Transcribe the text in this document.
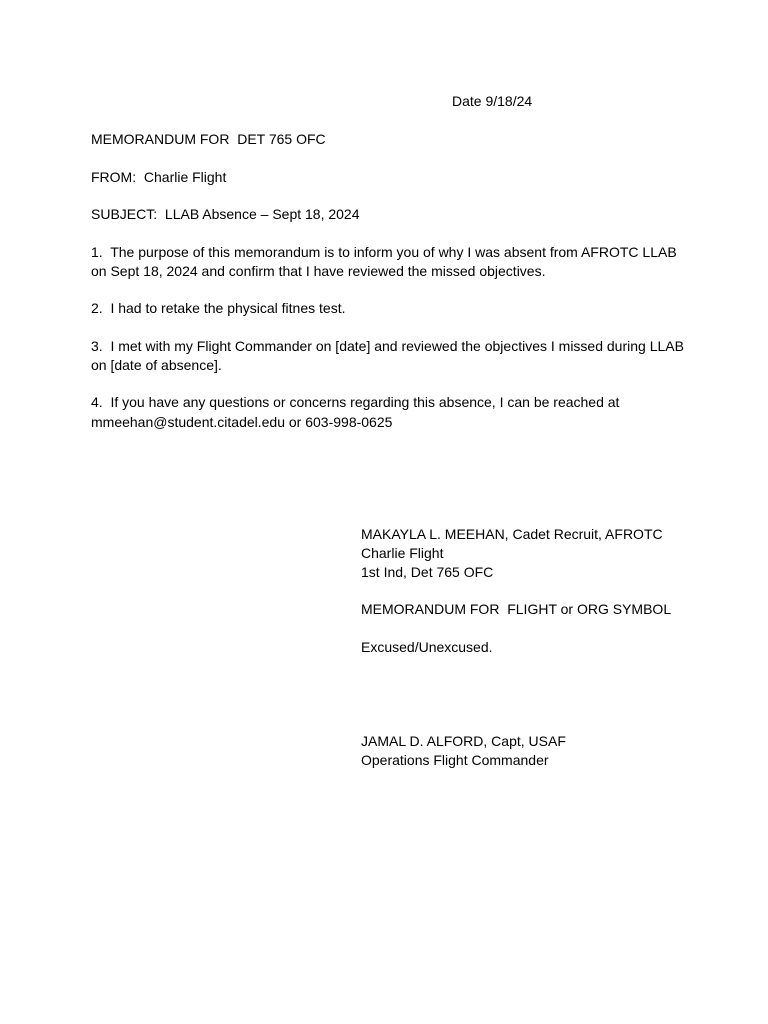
Date 9/18/24
MEMORANDUM FOR  DET 765 OFC
FROM:  Charlie Flight
SUBJECT:  LLAB Absence – Sept 18, 2024
1.  The purpose of this memorandum is to inform you of why I was absent from AFROTC LLAB
on Sept 18, 2024 and confirm that I have reviewed the missed objectives.
2.  I had to retake the physical fitnes test.
3.  I met with my Flight Commander on [date] and reviewed the objectives I missed during LLAB
on [date of absence].
4.  If you have any questions or concerns regarding this absence, I can be reached at
mmeehan@student.citadel.edu or 603-998-0625
MAKAYLA L. MEEHAN, Cadet Recruit, AFROTC
Charlie Flight
1st Ind, Det 765 OFC
MEMORANDUM FOR  FLIGHT or ORG SYMBOL
Excused/Unexcused.
JAMAL D. ALFORD, Capt, USAF
Operations Flight Commander
